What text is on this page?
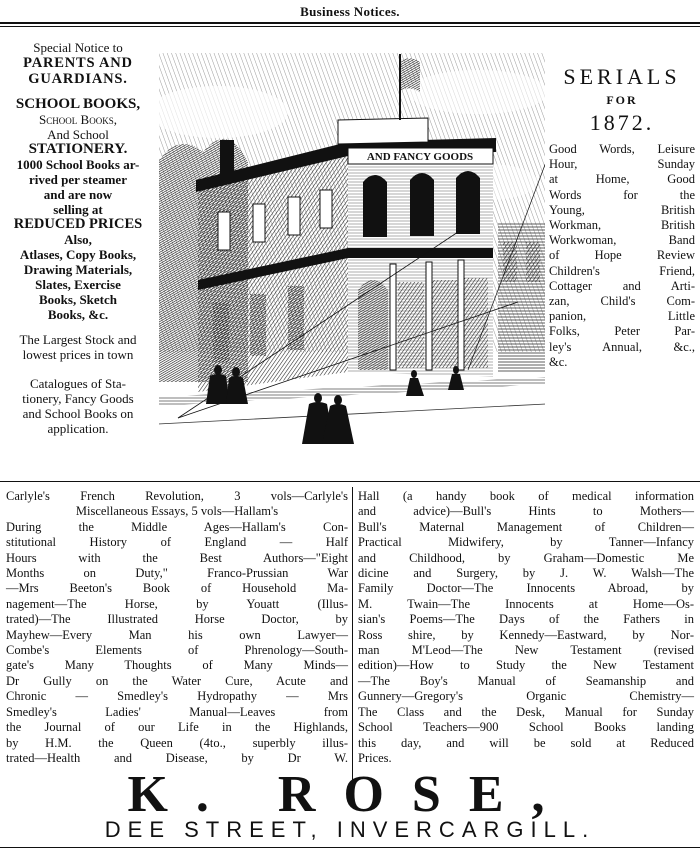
Business Notices.
Special Notice to
PARENTS AND
GUARDIANS.
SCHOOL BOOKS,
School Books,
And School
STATIONERY.
1000 School Books ar-
rived per steamer
and are now
selling at
REDUCED PRICES
Also,
Atlases, Copy Books,
Drawing Materials,
Slates, Exercise
Books, Sketch
Books, &c.
The Largest Stock and
lowest prices in town
Catalogues of Sta-
tionery, Fancy Goods
and School Books on
application.
AND FANCY GOODS
SERIALS
FOR
1872.
Good Words, Leisure
Hour, Sunday
at Home, Good
Words for the
Young, British
Workman, British
Workwoman, Band
of Hope Review
Children's Friend,
Cottager and Arti-
zan, Child's Com-
panion, Little
Folks, Peter Par-
ley's Annual, &c.,
&c.
Carlyle's French Revolution, 3 vols—Carlyle's
Miscellaneous Essays, 5 vols—Hallam's
During the Middle Ages—Hallam's Con-
stitutional History of England — Half
Hours with the Best Authors—"Eight
Months on Duty," Franco-Prussian War
—Mrs Beeton's Book of Household Ma-
nagement—The Horse, by Youatt (Illus-
trated)—The Illustrated Horse Doctor, by
Mayhew—Every Man his own Lawyer—
Combe's Elements of Phrenology—South-
gate's Many Thoughts of Many Minds—
Dr Gully on the Water Cure, Acute and
Chronic — Smedley's Hydropathy — Mrs
Smedley's Ladies' Manual—Leaves from
the Journal of our Life in the Highlands,
by H.M. the Queen (4to., superbly illus-
trated—Health and Disease, by Dr W.
Hall (a handy book of medical information
and advice)—Bull's Hints to Mothers—
Bull's Maternal Management of Children—
Practical Midwifery, by Tanner—Infancy
and Childhood, by Graham—Domestic Me
dicine and Surgery, by J. W. Walsh—The
Family Doctor—The Innocents Abroad, by
M. Twain—The Innocents at Home—Os-
sian's Poems—The Days of the Fathers in
Ross shire, by Kennedy—Eastward, by Nor-
man M'Leod—The New Testament (revised
edition)—How to Study the New Testament
—The Boy's Manual of Seamanship and
Gunnery—Gregory's Organic Chemistry—
The Class and the Desk, Manual for Sunday
School Teachers—900 School Books landing
this day, and will be sold at Reduced
Prices.
K. ROSE,
DEE STREET, INVERCARGILL.
